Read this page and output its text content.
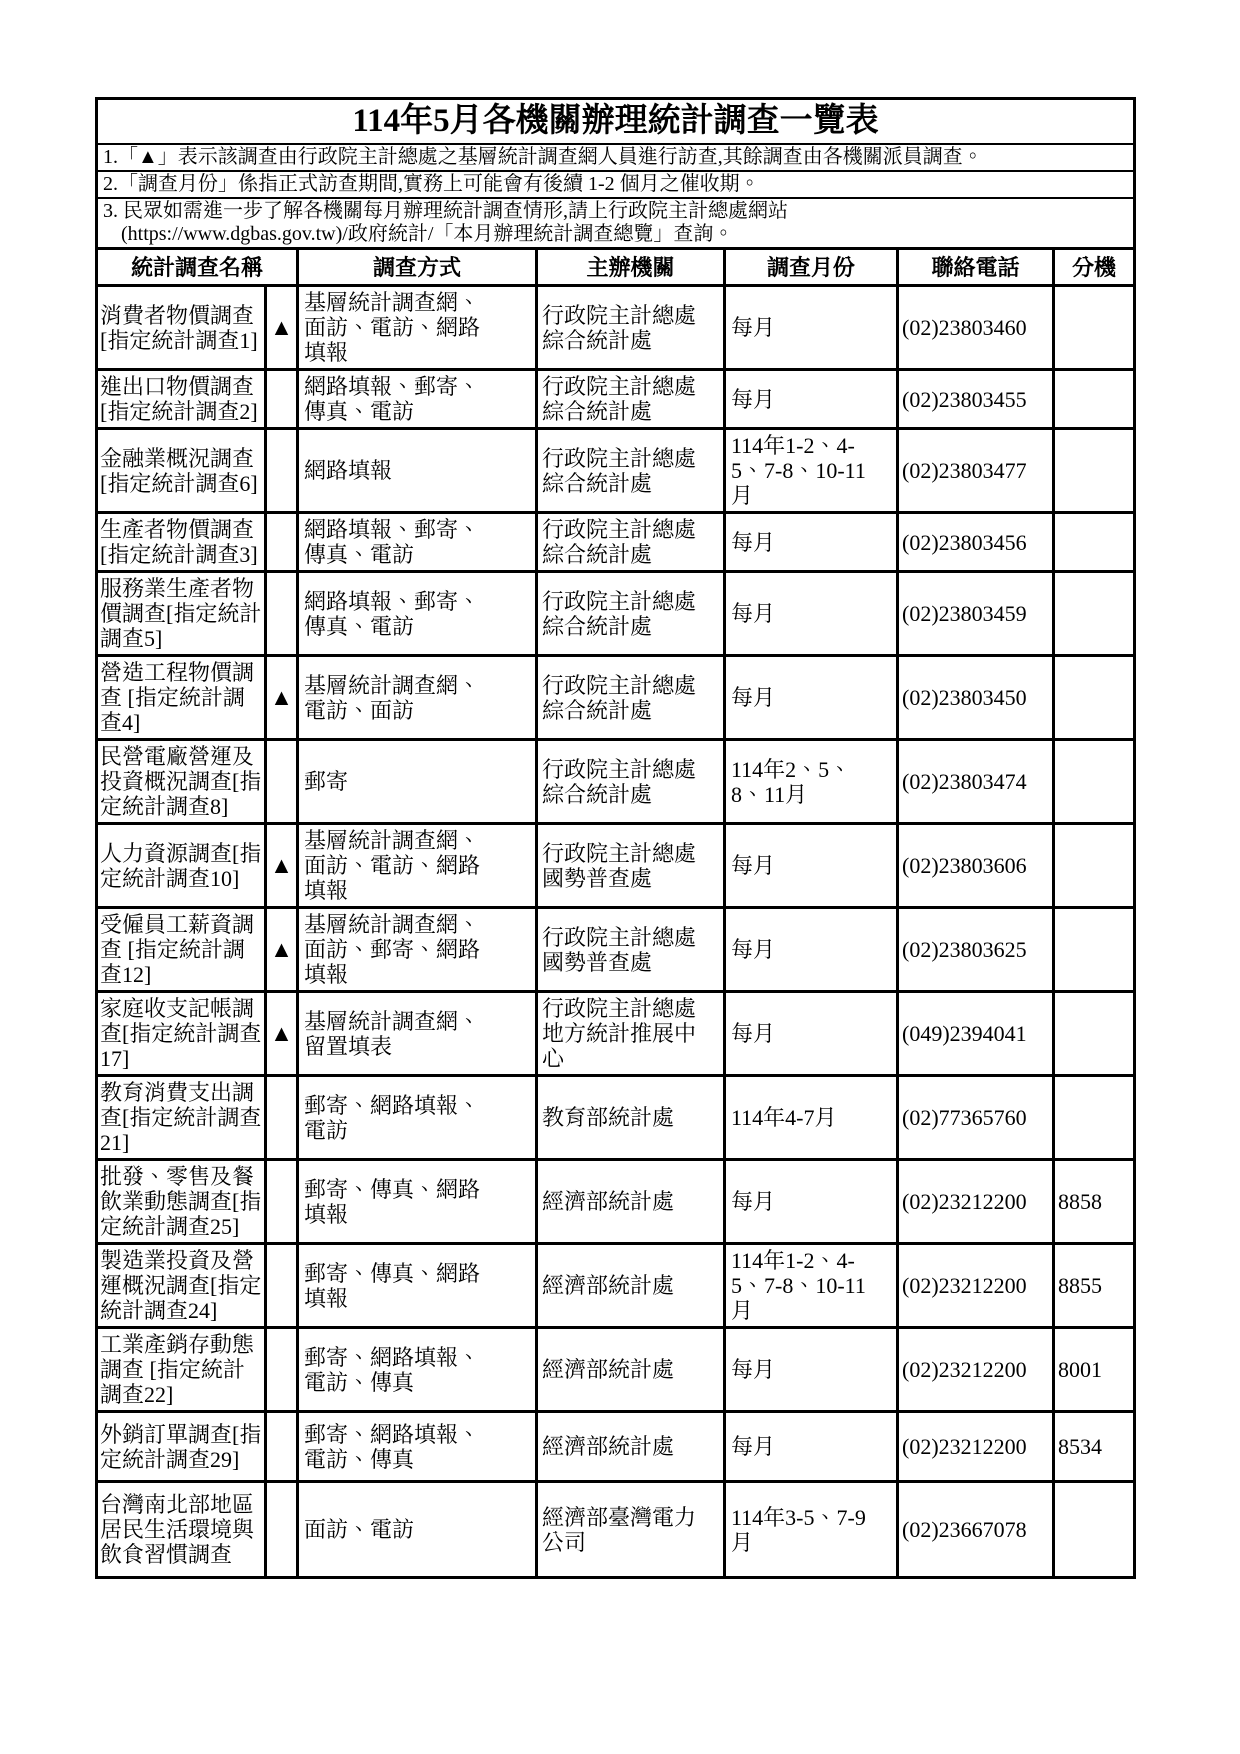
114年5月各機關辦理統計調查一覽表						
1.「▲」表示該調查由行政院主計總處之基層統計調查網人員進行訪查,其餘調查由各機關派員調查。						
2.「調查月份」係指正式訪查期間,實務上可能會有後續 1-2 個月之催收期。						

3. 民眾如需進一步了解各機關每月辦理統計調查情形,請上行政院主計總處網站
(https://www.dgbas.gov.tw)/政府統計/「本月辦理統計調查總覽」查詢。						

統計調查名稱		調查方式	主辦機關	調查月份	聯絡電話	分機
消費者物價調查[指定統計調查1]	▲	基層統計調查網、面訪、電訪、網路填報	行政院主計總處綜合統計處	每月	(02)23803460	
進出口物價調查[指定統計調查2]		網路填報、郵寄、傳真、電訪	行政院主計總處綜合統計處	每月	(02)23803455	
金融業概況調查[指定統計調查6]		網路填報	行政院主計總處綜合統計處	114年1-2、4-5、7-8、10-11月	(02)23803477	
生產者物價調查[指定統計調查3]		網路填報、郵寄、傳真、電訪	行政院主計總處綜合統計處	每月	(02)23803456	
服務業生產者物價調查[指定統計調查5]		網路填報、郵寄、傳真、電訪	行政院主計總處綜合統計處	每月	(02)23803459	
營造工程物價調查 [指定統計調查4]	▲	基層統計調查網、電訪、面訪	行政院主計總處綜合統計處	每月	(02)23803450	
民營電廠營運及投資概況調查[指定統計調查8]		郵寄	行政院主計總處綜合統計處	114年2、5、8、11月	(02)23803474	
人力資源調查[指定統計調查10]	▲	基層統計調查網、面訪、電訪、網路填報	行政院主計總處國勢普查處	每月	(02)23803606	
受僱員工薪資調查 [指定統計調查12]	▲	基層統計調查網、面訪、郵寄、網路填報	行政院主計總處國勢普查處	每月	(02)23803625	
家庭收支記帳調查[指定統計調查17]	▲	基層統計調查網、留置填表	行政院主計總處地方統計推展中心	每月	(049)2394041	
教育消費支出調查[指定統計調查21]		郵寄、網路填報、電訪	教育部統計處	114年4-7月	(02)77365760	
批發、零售及餐飲業動態調查[指定統計調查25]		郵寄、傳真、網路填報	經濟部統計處	每月	(02)23212200	8858
製造業投資及營運概況調查[指定統計調查24]		郵寄、傳真、網路填報	經濟部統計處	114年1-2、4-5、7-8、10-11月	(02)23212200	8855
工業產銷存動態調查 [指定統計調查22]		郵寄、網路填報、電訪、傳真	經濟部統計處	每月	(02)23212200	8001
外銷訂單調查[指定統計調查29]		郵寄、網路填報、電訪、傳真	經濟部統計處	每月	(02)23212200	8534
台灣南北部地區居民生活環境與飲食習慣調查		面訪、電訪	經濟部臺灣電力公司	114年3-5、7-9月	(02)23667078	
